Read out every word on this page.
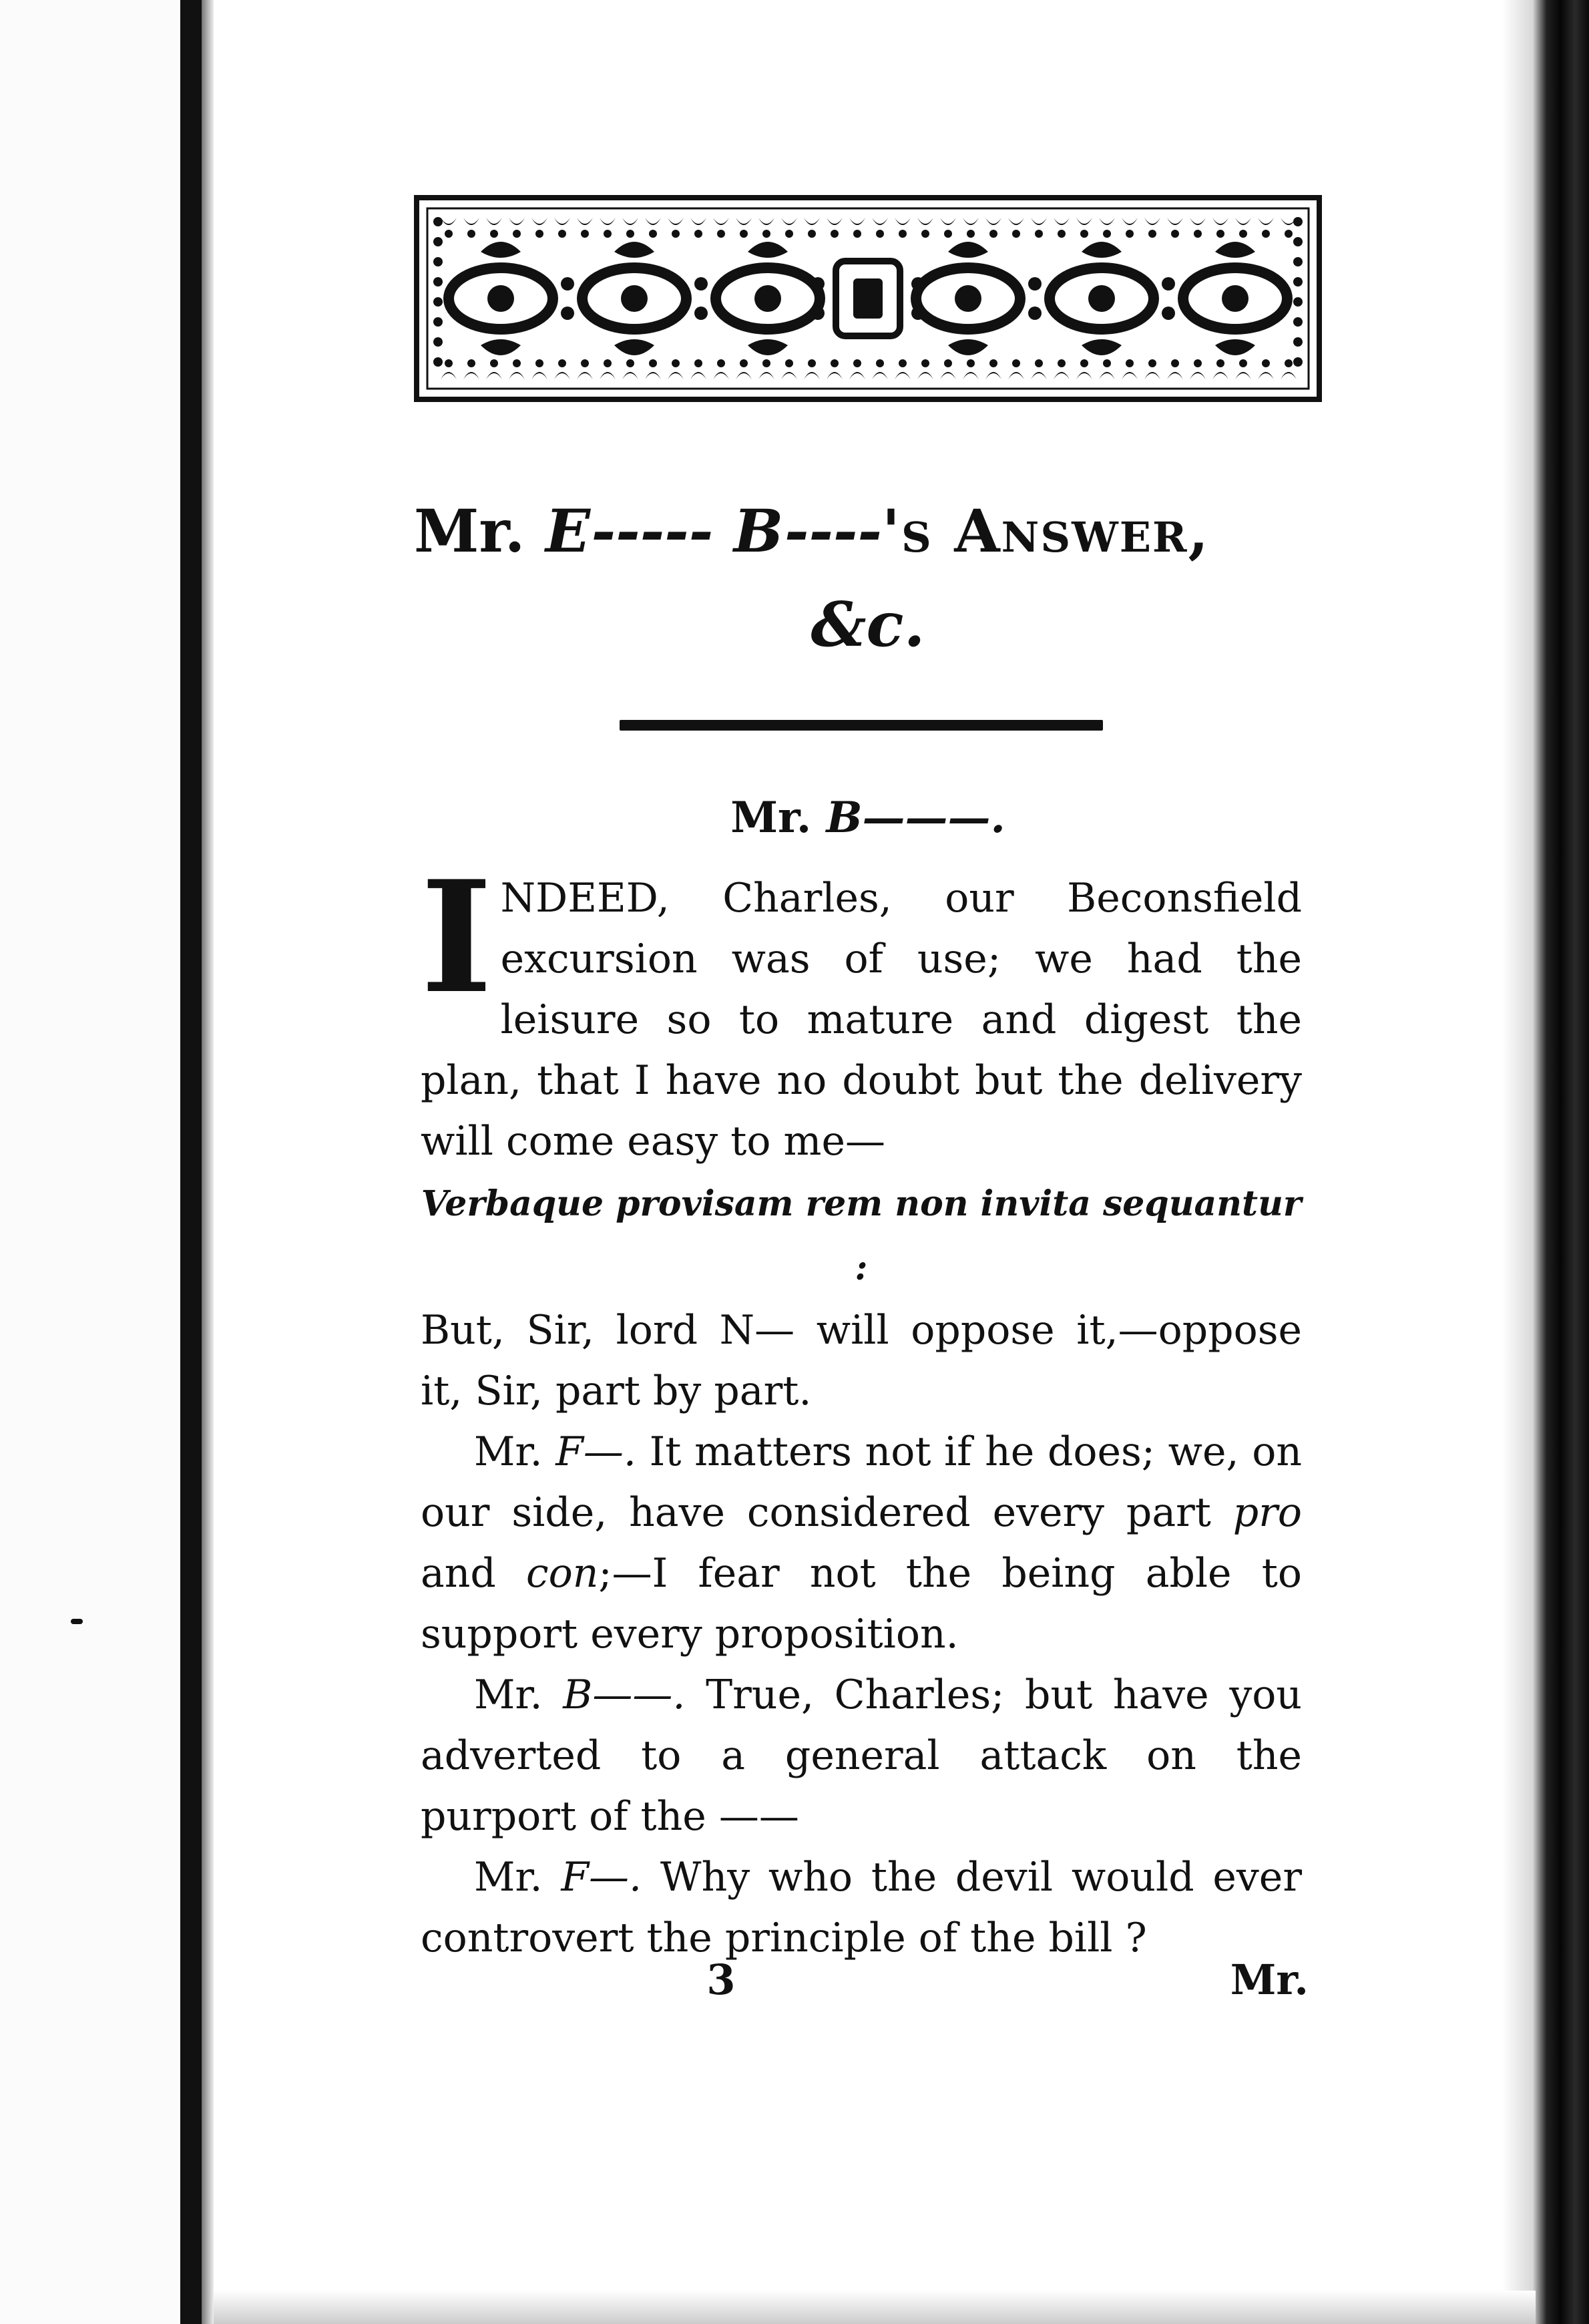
Mr. E----- B----'s Answer,
&c.
Mr. B———.

INDEED, Charles, our Beconsfield excursion was of use; we had the leisure so to mature and digest the plan, that I have no doubt but the delivery will come easy to me—

Verbaque provisam rem non invita sequantur :

But, Sir, lord N— will oppose it,—oppose it, Sir, part by part.

Mr. F—. It matters not if he does; we, on our side, have considered every part pro and con;—I fear not the being able to support every proposition.

Mr. B——. True, Charles; but have you adverted to a general attack on the purport of the ——

Mr. F—. Why who the devil would ever controvert the principle of the bill ?

3	Mr.
